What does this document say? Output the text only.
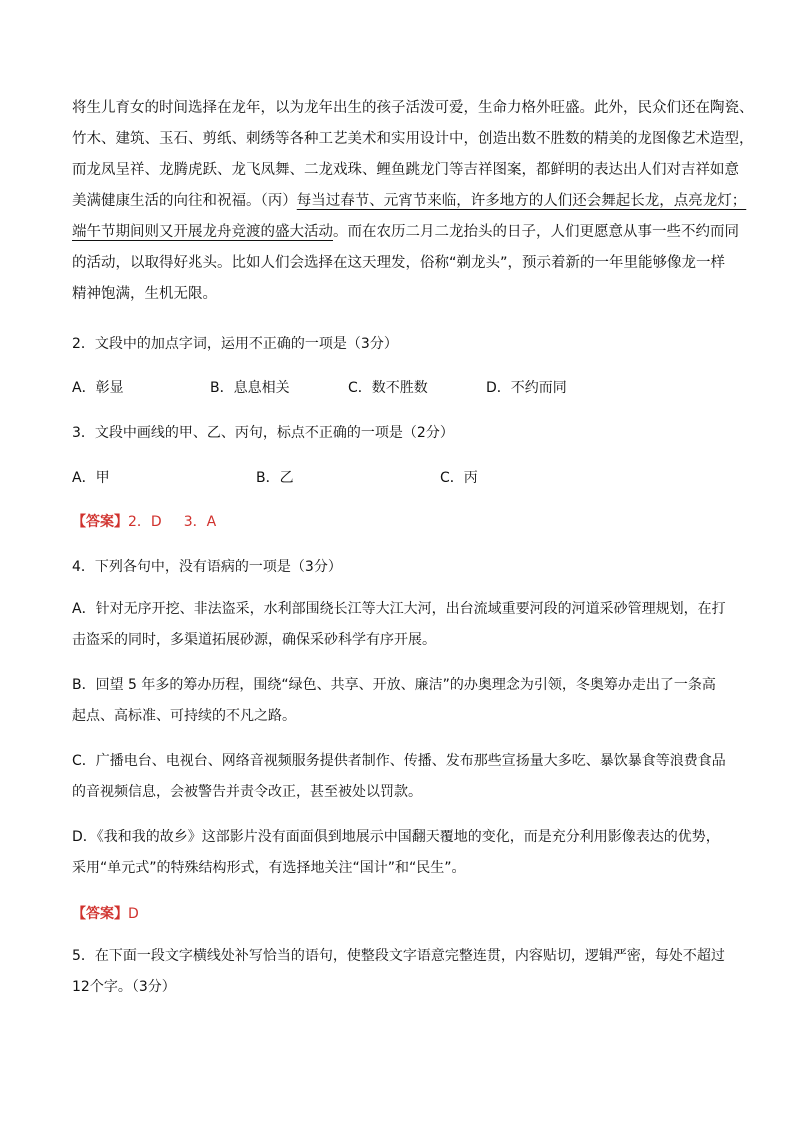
将生儿育女的时间选择在龙年，以为龙年出生的孩子活泼可爱，生命力格外旺盛。此外，民众们还在陶瓷、
竹木、建筑、玉石、剪纸、刺绣等各种工艺美术和实用设计中，创造出数不胜数的精美的龙图像艺术造型，
而龙凤呈祥、龙腾虎跃、龙飞凤舞、二龙戏珠、鲤鱼跳龙门等吉祥图案，都鲜明的表达出人们对吉祥如意
美满健康生活的向往和祝福。（丙）每当过春节、元宵节来临，许多地方的人们还会舞起长龙，点亮龙灯；
端午节期间则又开展龙舟竞渡的盛大活动。而在农历二月二龙抬头的日子，人们更愿意从事一些不约而同
的活动，以取得好兆头。比如人们会选择在这天理发，俗称“剃龙头”，预示着新的一年里能够像龙一样
精神饱满，生机无限。

2．文段中的加点字词，运用不正确的一项是（3分）

A．彰显	B．息息相关	C．数不胜数	D．不约而同

3．文段中画线的甲、乙、丙句，标点不正确的一项是（2分）

A．甲	B．乙	C．丙
【答案】2．D 3．A

4．下列各句中，没有语病的一项是（3分）

A．针对无序开挖、非法盗采，水利部围绕长江等大江大河，出台流域重要河段的河道采砂管理规划，在打
击盗采的同时，多渠道拓展砂源，确保采砂科学有序开展。
B．回望 5 年多的筹办历程，围绕“绿色、共享、开放、廉洁”的办奥理念为引领，冬奥筹办走出了一条高
起点、高标准、可持续的不凡之路。
C．广播电台、电视台、网络音视频服务提供者制作、传播、发布那些宣扬量大多吃、暴饮暴食等浪费食品
的音视频信息，会被警告并责令改正，甚至被处以罚款。
D．《我和我的故乡》这部影片没有面面俱到地展示中国翻天覆地的变化，而是充分利用影像表达的优势，
采用“单元式”的特殊结构形式，有选择地关注“国计”和“民生”。
【答案】D
5．在下面一段文字横线处补写恰当的语句，使整段文字语意完整连贯，内容贴切，逻辑严密，每处不超过
12个字。（3分）
